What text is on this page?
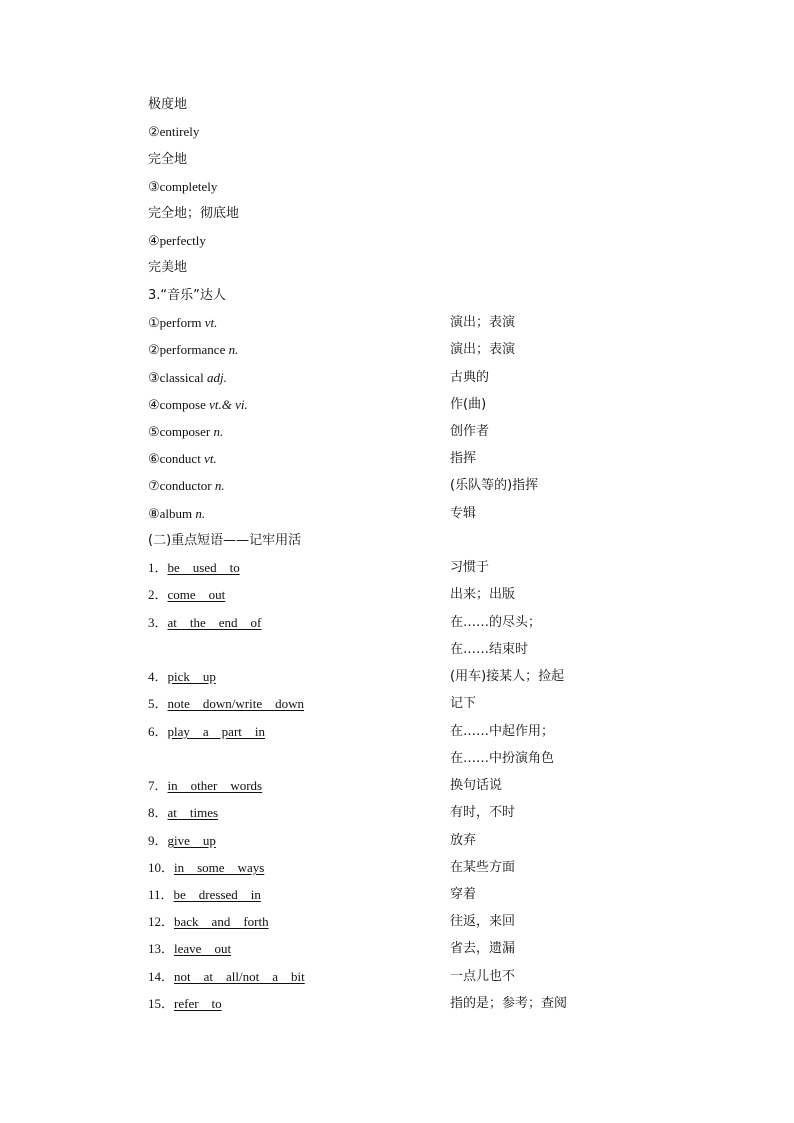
极度地
②entirely
完全地
③completely
完全地；彻底地
④perfectly
完美地
3.“音乐”达人
①perform vt.	演出；表演
②performance n.	演出；表演
③classical adj.	古典的
④compose vt.& vi.	作(曲)
⑤composer n.	创作者
⑥conduct vt.	指挥
⑦conductor n.	(乐队等的)指挥
⑧album n.	专辑
(二)重点短语——记牢用活
1．be　used　to	习惯于
2．come　out	出来；出版
3．at　the　end　of	在……的尽头；
在……结束时
4．pick　up	(用车)接某人；捡起
5．note　down/write　down	记下
6．play　a　part　in	在……中起作用；
在……中扮演角色
7．in　other　words	换句话说
8．at　times	有时，不时
9．give　up	放弃
10．in　some　ways	在某些方面
11．be　dressed　in	穿着
12．back　and　forth	往返，来回
13．leave　out	省去，遗漏
14．not　at　all/not　a　bit	一点儿也不
15．refer　to	指的是；参考；查阅
